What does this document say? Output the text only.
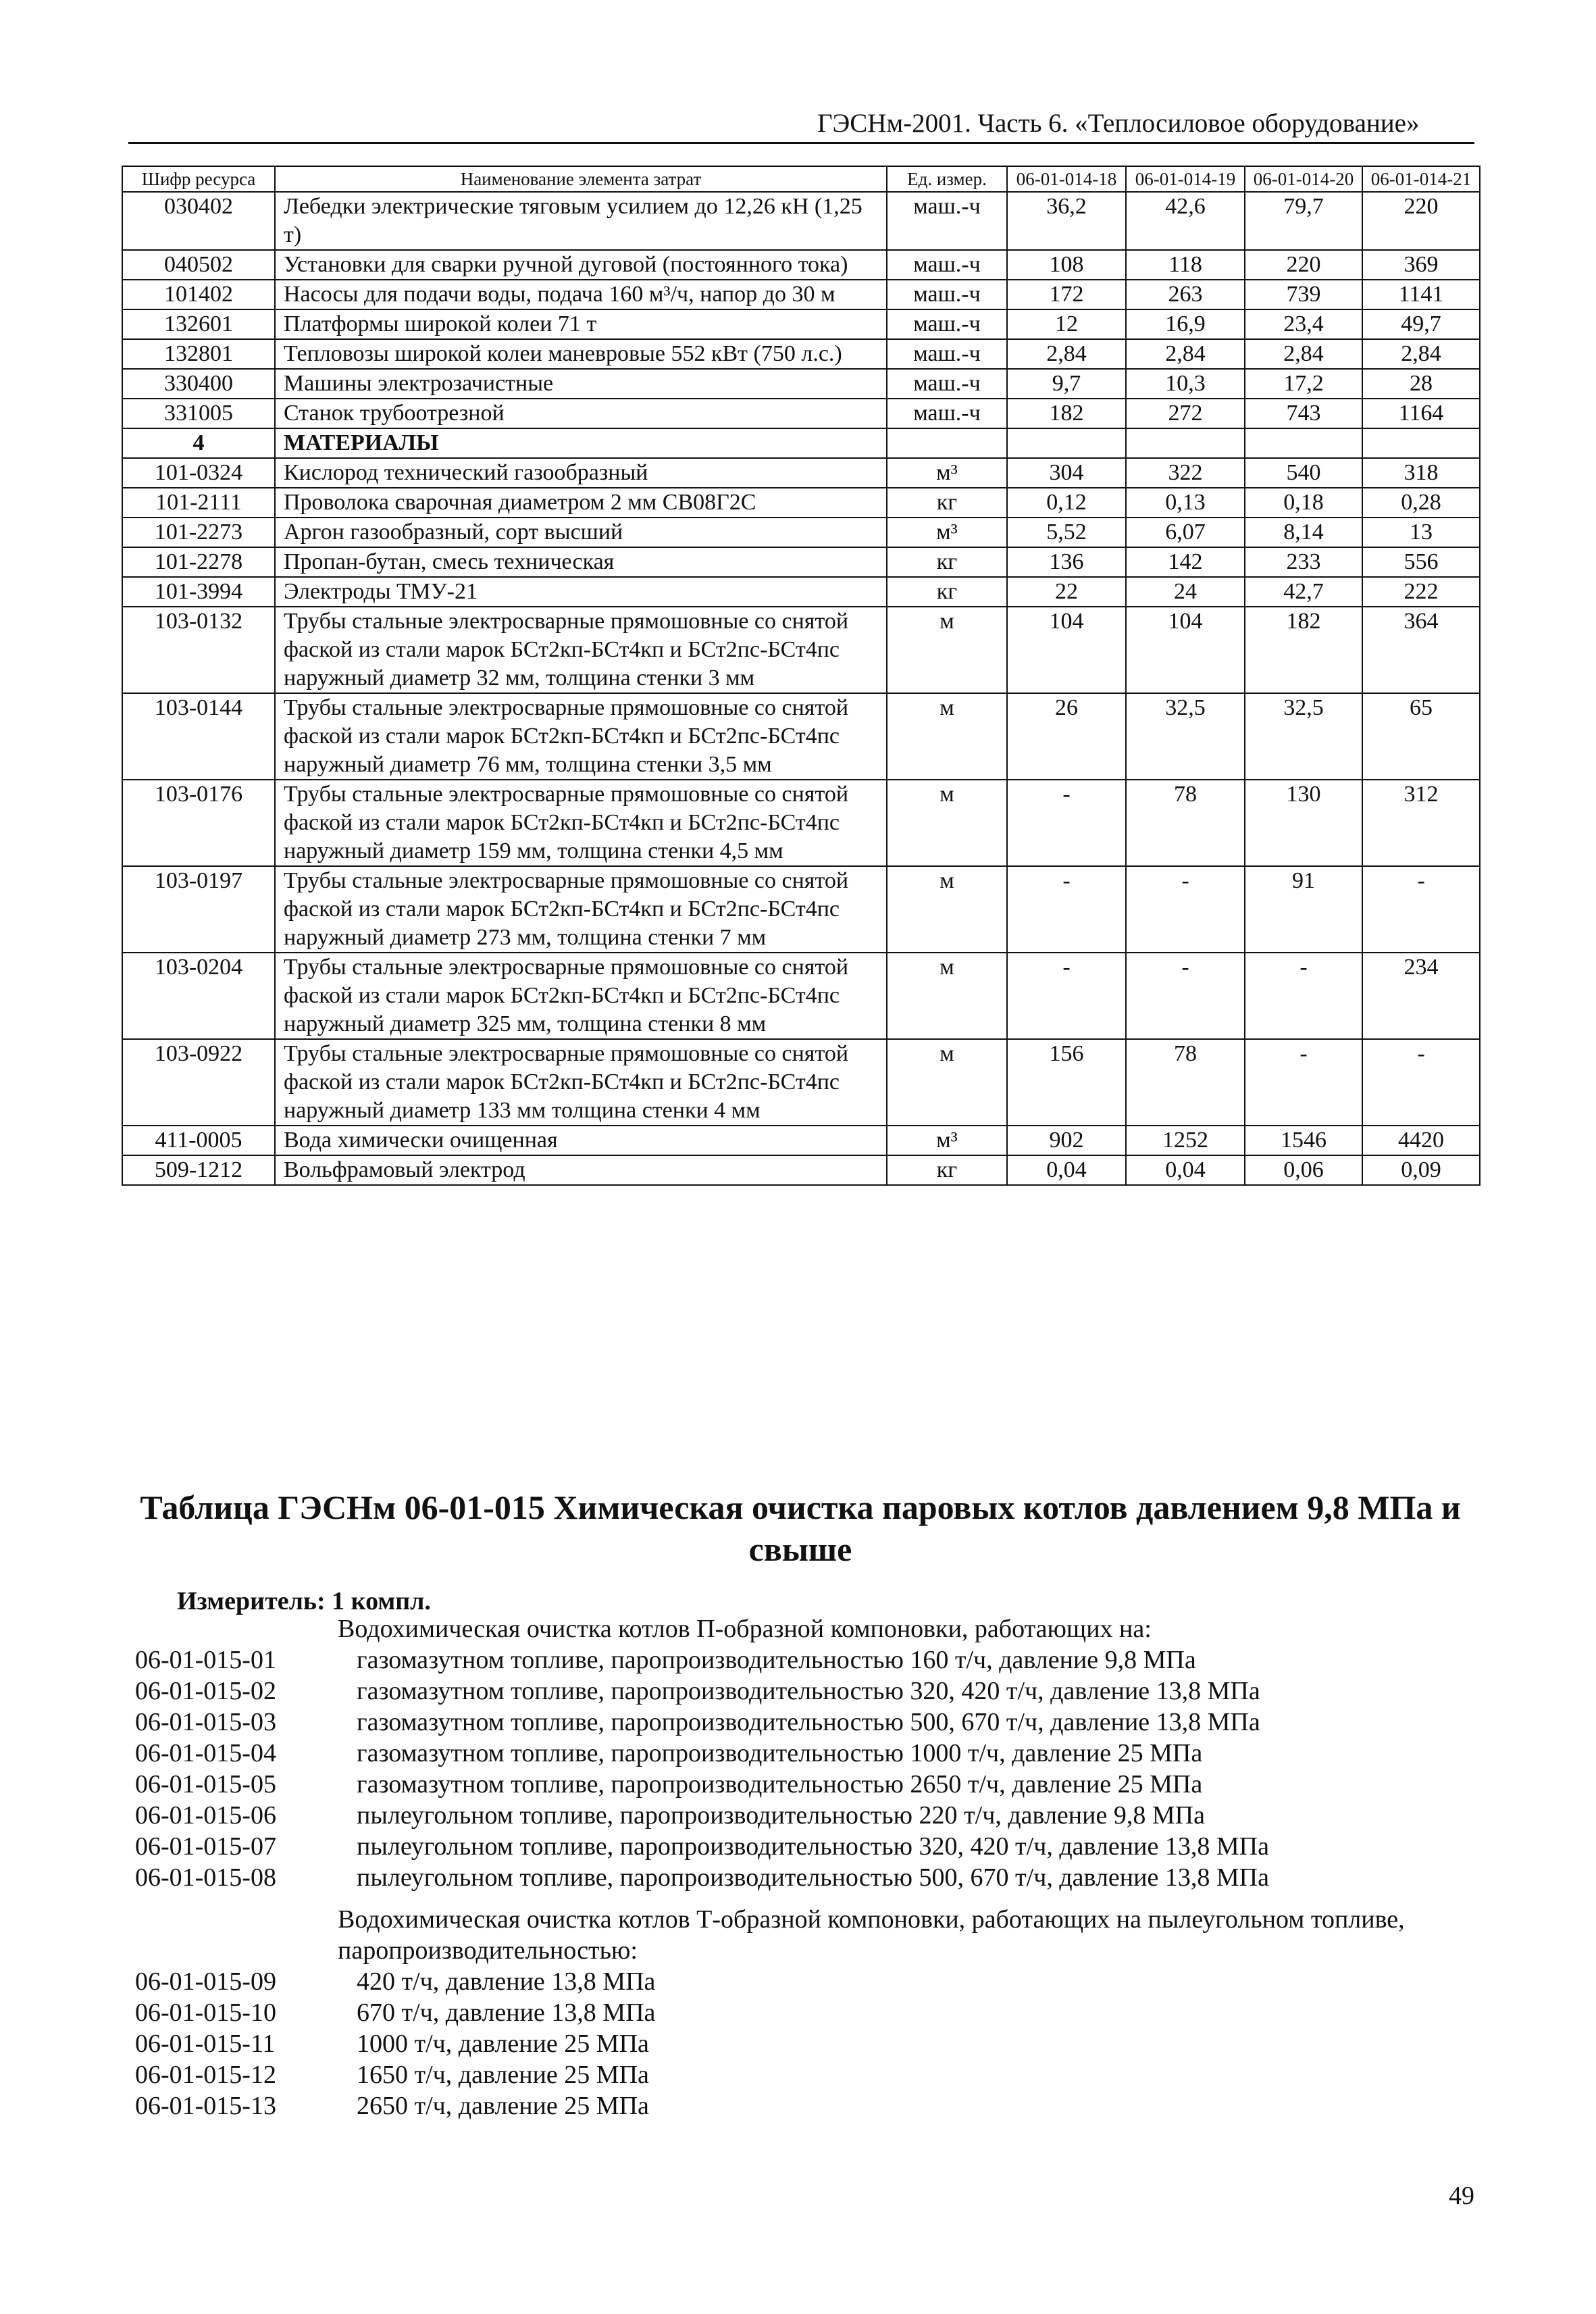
ГЭСНм-2001. Часть 6. «Теплосиловое оборудование»
Шифр ресурса	Наименование элемента затрат	Ед. измер.	06-01-014-18	06-01-014-19	06-01-014-20	06-01-014-21
030402	Лебедки электрические тяговым усилием до 12,26 кН (1,25 т)	маш.-ч	36,2	42,6	79,7	220
040502	Установки для сварки ручной дуговой (постоянного тока)	маш.-ч	108	118	220	369
101402	Насосы для подачи воды, подача 160 м³/ч, напор до 30 м	маш.-ч	172	263	739	1141
132601	Платформы широкой колеи 71 т	маш.-ч	12	16,9	23,4	49,7
132801	Тепловозы широкой колеи маневровые 552 кВт (750 л.с.)	маш.-ч	2,84	2,84	2,84	2,84
330400	Машины электрозачистные	маш.-ч	9,7	10,3	17,2	28
331005	Станок трубоотрезной	маш.-ч	182	272	743	1164
4	МАТЕРИАЛЫ					
101-0324	Кислород технический газообразный	м³	304	322	540	318
101-2111	Проволока сварочная диаметром 2 мм СВ08Г2С	кг	0,12	0,13	0,18	0,28
101-2273	Аргон газообразный, сорт высший	м³	5,52	6,07	8,14	13
101-2278	Пропан-бутан, смесь техническая	кг	136	142	233	556
101-3994	Электроды ТМУ-21	кг	22	24	42,7	222
103-0132	Трубы стальные электросварные прямошовные со снятой фаской из стали марок БСт2кп-БСт4кп и БСт2пс-БСт4пс наружный диаметр 32 мм, толщина стенки 3 мм	м	104	104	182	364
103-0144	Трубы стальные электросварные прямошовные со снятой фаской из стали марок БСт2кп-БСт4кп и БСт2пс-БСт4пс наружный диаметр 76 мм, толщина стенки 3,5 мм	м	26	32,5	32,5	65
103-0176	Трубы стальные электросварные прямошовные со снятой фаской из стали марок БСт2кп-БСт4кп и БСт2пс-БСт4пс наружный диаметр 159 мм, толщина стенки 4,5 мм	м	-	78	130	312
103-0197	Трубы стальные электросварные прямошовные со снятой фаской из стали марок БСт2кп-БСт4кп и БСт2пс-БСт4пс наружный диаметр 273 мм, толщина стенки 7 мм	м	-	-	91	-
103-0204	Трубы стальные электросварные прямошовные со снятой фаской из стали марок БСт2кп-БСт4кп и БСт2пс-БСт4пс наружный диаметр 325 мм, толщина стенки 8 мм	м	-	-	-	234
103-0922	Трубы стальные электросварные прямошовные со снятой фаской из стали марок БСт2кп-БСт4кп и БСт2пс-БСт4пс наружный диаметр 133 мм толщина стенки 4 мм	м	156	78	-	-
411-0005	Вода химически очищенная	м³	902	1252	1546	4420
509-1212	Вольфрамовый электрод	кг	0,04	0,04	0,06	0,09
Таблица ГЭСНм 06-01-015 Химическая очистка паровых котлов давлением 9,8 МПа и свыше
Измеритель: 1 компл.
Водохимическая очистка котлов П-образной компоновки, работающих на:
06-01-015-01	газомазутном топливе, паропроизводительностью 160 т/ч, давление 9,8 МПа
06-01-015-02	газомазутном топливе, паропроизводительностью 320, 420 т/ч, давление 13,8 МПа
06-01-015-03	газомазутном топливе, паропроизводительностью 500, 670 т/ч, давление 13,8 МПа
06-01-015-04	газомазутном топливе, паропроизводительностью 1000 т/ч, давление 25 МПа
06-01-015-05	газомазутном топливе, паропроизводительностью 2650 т/ч, давление 25 МПа
06-01-015-06	пылеугольном топливе, паропроизводительностью 220 т/ч, давление 9,8 МПа
06-01-015-07	пылеугольном топливе, паропроизводительностью 320, 420 т/ч, давление 13,8 МПа
06-01-015-08	пылеугольном топливе, паропроизводительностью 500, 670 т/ч, давление 13,8 МПа
Водохимическая очистка котлов Т-образной компоновки, работающих на пылеугольном топливе, паропроизводительностью:
06-01-015-09	420 т/ч, давление 13,8 МПа
06-01-015-10	670 т/ч, давление 13,8 МПа
06-01-015-11	1000 т/ч, давление 25 МПа
06-01-015-12	1650 т/ч, давление 25 МПа
06-01-015-13	2650 т/ч, давление 25 МПа
49
